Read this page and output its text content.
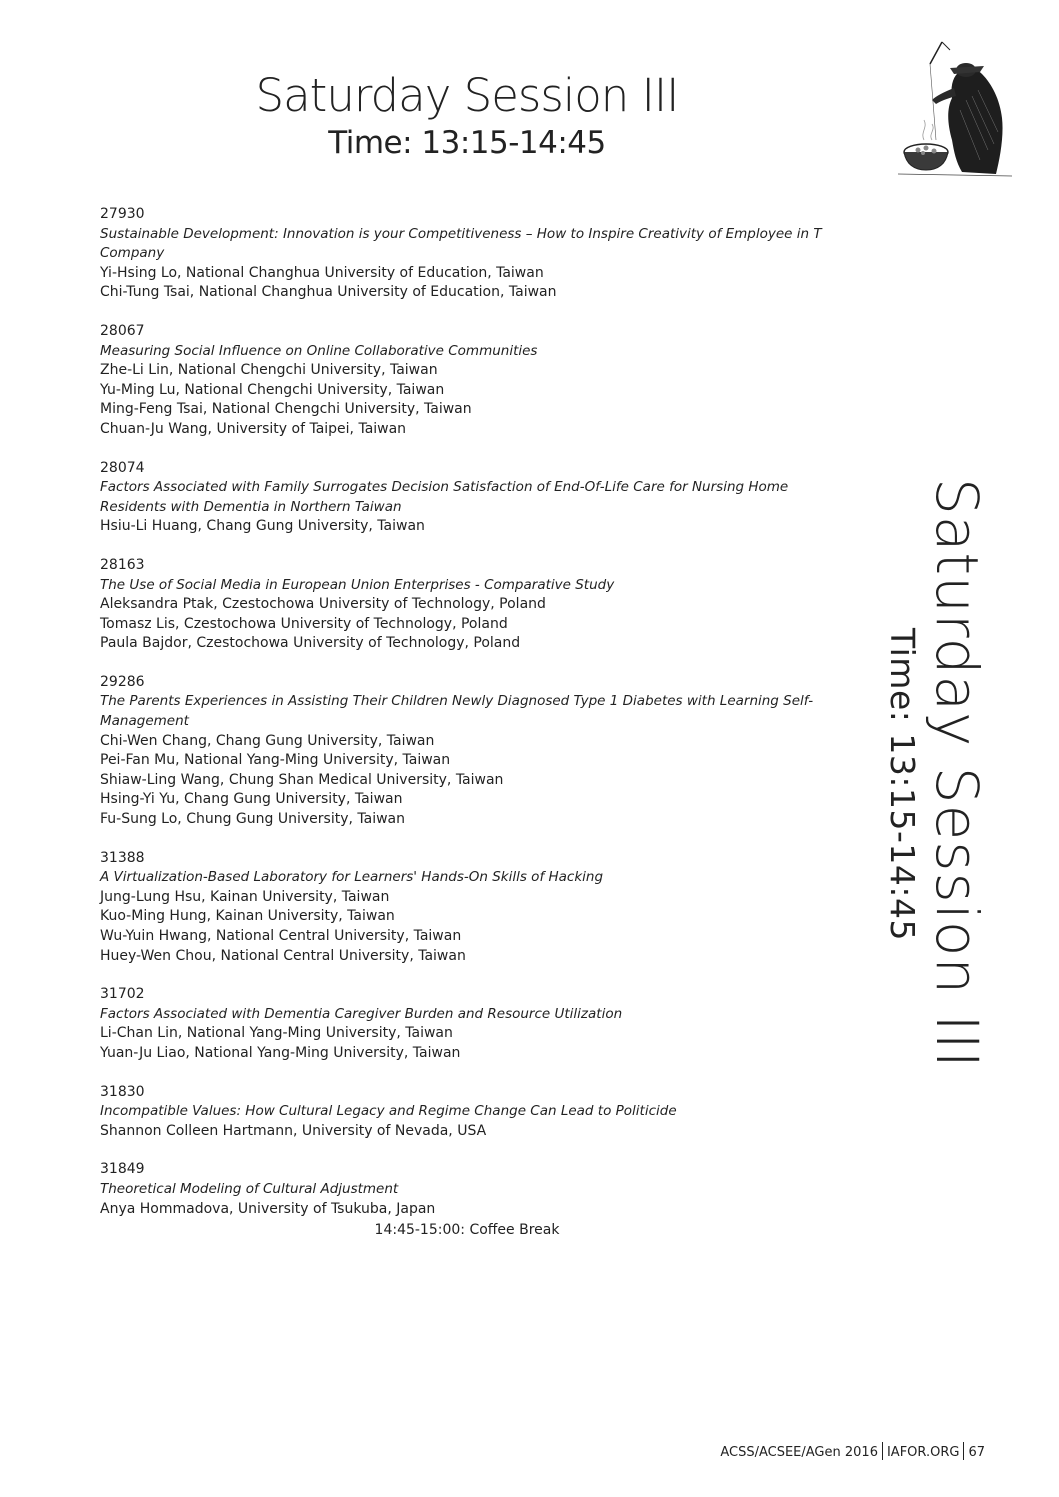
Saturday Session III
Time: 13:15-14:45
Saturday Session III
Time: 13:15-14:45
27930
Sustainable Development: Innovation is your Competitiveness – How to Inspire Creativity of Employee in T Company
Yi-Hsing Lo, National Changhua University of Education, Taiwan
Chi-Tung Tsai, National Changhua University of Education, Taiwan
28067
Measuring Social Influence on Online Collaborative Communities
Zhe-Li Lin, National Chengchi University, Taiwan
Yu-Ming Lu, National Chengchi University, Taiwan
Ming-Feng Tsai, National Chengchi University, Taiwan
Chuan-Ju Wang, University of Taipei, Taiwan
28074
Factors Associated with Family Surrogates Decision Satisfaction of End-Of-Life Care for Nursing Home Residents with Dementia in Northern Taiwan
Hsiu-Li Huang, Chang Gung University, Taiwan
28163
The Use of Social Media in European Union Enterprises - Comparative Study
Aleksandra Ptak, Czestochowa University of Technology, Poland
Tomasz Lis, Czestochowa University of Technology, Poland
Paula Bajdor, Czestochowa University of Technology, Poland
29286
The Parents Experiences in Assisting Their Children Newly Diagnosed Type 1 Diabetes with Learning Self-Management
Chi-Wen Chang, Chang Gung University, Taiwan
Pei-Fan Mu, National Yang-Ming University, Taiwan
Shiaw-Ling Wang, Chung Shan Medical University, Taiwan
Hsing-Yi Yu, Chang Gung University, Taiwan
Fu-Sung Lo, Chung Gung University, Taiwan
31388
A Virtualization-Based Laboratory for Learners' Hands-On Skills of Hacking
Jung-Lung Hsu, Kainan University, Taiwan
Kuo-Ming Hung, Kainan University, Taiwan
Wu-Yuin Hwang, National Central University, Taiwan
Huey-Wen Chou, National Central University, Taiwan
31702
Factors Associated with Dementia Caregiver Burden and Resource Utilization
Li-Chan Lin, National Yang-Ming University, Taiwan
Yuan-Ju Liao, National Yang-Ming University, Taiwan
31830
Incompatible Values: How Cultural Legacy and Regime Change Can Lead to Politicide
Shannon Colleen Hartmann, University of Nevada, USA
31849
Theoretical Modeling of Cultural Adjustment
Anya Hommadova, University of Tsukuba, Japan
14:45-15:00: Coffee Break
ACSS/ACSEE/AGen 2016 IAFOR.ORG 67
